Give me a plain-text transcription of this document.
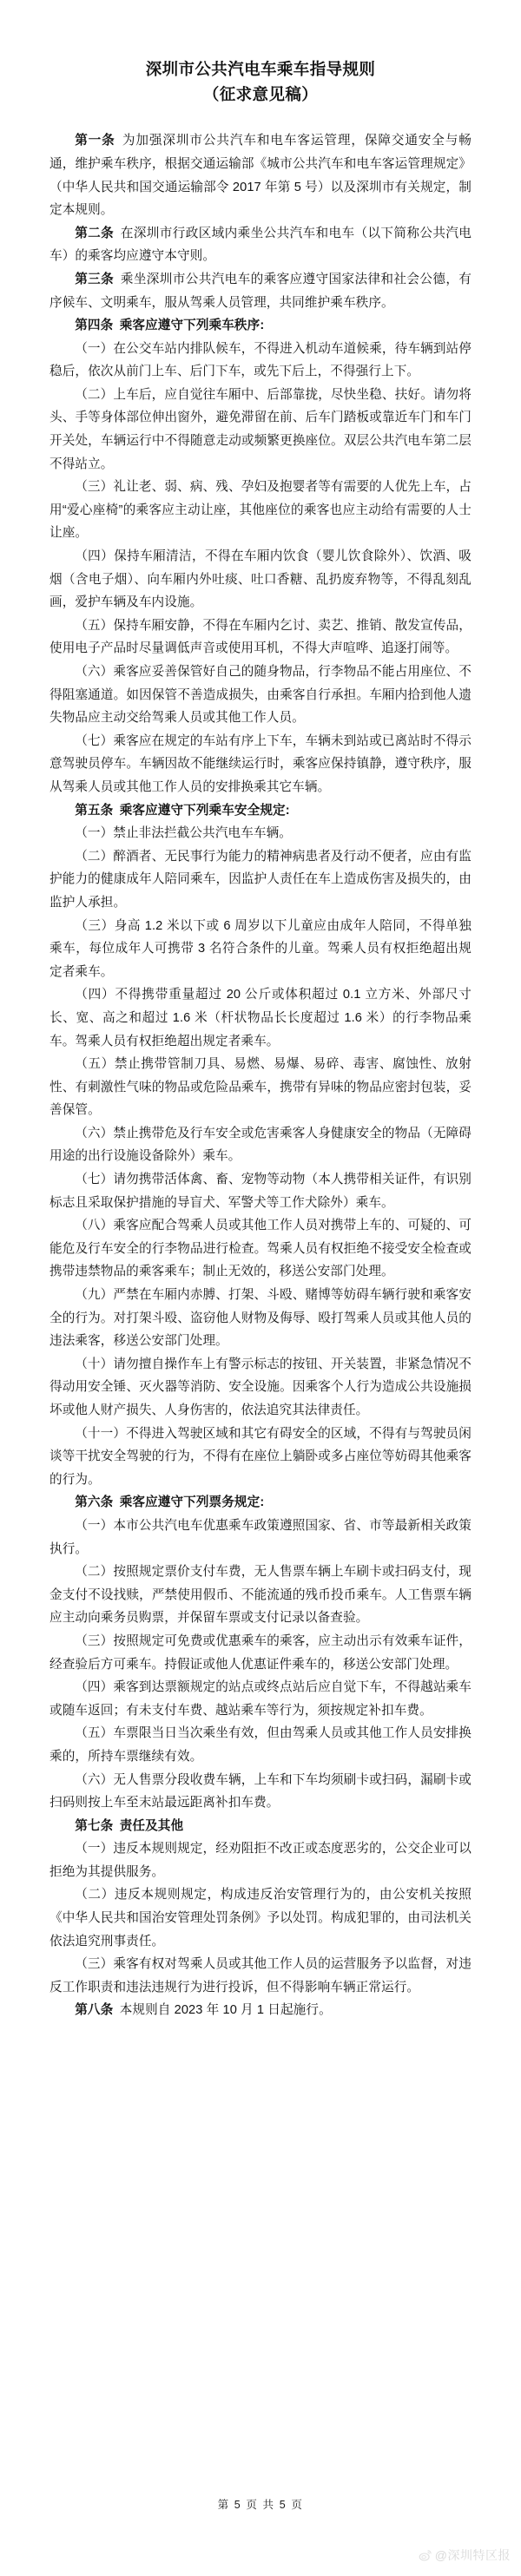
深圳市公共汽电车乘车指导规则
（征求意见稿）

第一条  为加强深圳市公共汽车和电车客运管理，保障交通安全与畅通，维护乘车秩序，根据交通运输部《城市公共汽车和电车客运管理规定》（中华人民共和国交通运输部令 2017 年第 5 号）以及深圳市有关规定，制定本规则。

第二条  在深圳市行政区域内乘坐公共汽车和电车（以下简称公共汽电车）的乘客均应遵守本守则。

第三条  乘坐深圳市公共汽电车的乘客应遵守国家法律和社会公德，有序候车、文明乘车，服从驾乘人员管理，共同维护乘车秩序。

第四条  乘客应遵守下列乘车秩序:

（一）在公交车站内排队候车，不得进入机动车道候乘，待车辆到站停稳后，依次从前门上车、后门下车，或先下后上，不得强行上下。

（二）上车后，应自觉往车厢中、后部靠拢，尽快坐稳、扶好。请勿将头、手等身体部位伸出窗外，避免滞留在前、后车门踏板或靠近车门和车门开关处，车辆运行中不得随意走动或频繁更换座位。双层公共汽电车第二层不得站立。

（三）礼让老、弱、病、残、孕妇及抱婴者等有需要的人优先上车，占用“爱心座椅”的乘客应主动让座，其他座位的乘客也应主动给有需要的人士让座。

（四）保持车厢清洁，不得在车厢内饮食（婴儿饮食除外）、饮酒、吸烟（含电子烟）、向车厢内外吐痰、吐口香糖、乱扔废弃物等，不得乱刻乱画，爱护车辆及车内设施。

（五）保持车厢安静，不得在车厢内乞讨、卖艺、推销、散发宣传品，使用电子产品时尽量调低声音或使用耳机，不得大声喧哗、追逐打闹等。

（六）乘客应妥善保管好自己的随身物品，行李物品不能占用座位、不得阻塞通道。如因保管不善造成损失，由乘客自行承担。车厢内拾到他人遗失物品应主动交给驾乘人员或其他工作人员。

（七）乘客应在规定的车站有序上下车，车辆未到站或已离站时不得示意驾驶员停车。车辆因故不能继续运行时，乘客应保持镇静，遵守秩序，服从驾乘人员或其他工作人员的安排换乘其它车辆。

第五条  乘客应遵守下列乘车安全规定:

（一）禁止非法拦截公共汽电车车辆。

（二）醉酒者、无民事行为能力的精神病患者及行动不便者，应由有监护能力的健康成年人陪同乘车，因监护人责任在车上造成伤害及损失的，由监护人承担。

（三）身高 1.2 米以下或 6 周岁以下儿童应由成年人陪同，不得单独乘车，每位成年人可携带 3 名符合条件的儿童。驾乘人员有权拒绝超出规定者乘车。

（四）不得携带重量超过 20 公斤或体积超过 0.1 立方米、外部尺寸长、宽、高之和超过 1.6 米（杆状物品长长度超过 1.6 米）的行李物品乘车。驾乘人员有权拒绝超出规定者乘车。

（五）禁止携带管制刀具、易燃、易爆、易碎、毒害、腐蚀性、放射性、有刺激性气味的物品或危险品乘车，携带有异味的物品应密封包装，妥善保管。

（六）禁止携带危及行车安全或危害乘客人身健康安全的物品（无障碍用途的出行设施设备除外）乘车。

（七）请勿携带活体禽、畜、宠物等动物（本人携带相关证件，有识别标志且采取保护措施的导盲犬、军警犬等工作犬除外）乘车。

（八）乘客应配合驾乘人员或其他工作人员对携带上车的、可疑的、可能危及行车安全的行李物品进行检查。驾乘人员有权拒绝不接受安全检查或携带违禁物品的乘客乘车；制止无效的，移送公安部门处理。

（九）严禁在车厢内赤膊、打架、斗殴、赌博等妨碍车辆行驶和乘客安全的行为。对打架斗殴、盗窃他人财物及侮辱、殴打驾乘人员或其他人员的违法乘客，移送公安部门处理。

（十）请勿擅自操作车上有警示标志的按钮、开关装置，非紧急情况不得动用安全锤、灭火器等消防、安全设施。因乘客个人行为造成公共设施损坏或他人财产损失、人身伤害的，依法追究其法律责任。

（十一）不得进入驾驶区域和其它有碍安全的区域，不得有与驾驶员闲谈等干扰安全驾驶的行为，不得有在座位上躺卧或多占座位等妨碍其他乘客的行为。

第六条  乘客应遵守下列票务规定:

（一）本市公共汽电车优惠乘车政策遵照国家、省、市等最新相关政策执行。

（二）按照规定票价支付车费，无人售票车辆上车刷卡或扫码支付，现金支付不设找赎，严禁使用假币、不能流通的残币投币乘车。人工售票车辆应主动向乘务员购票，并保留车票或支付记录以备查验。

（三）按照规定可免费或优惠乘车的乘客，应主动出示有效乘车证件，经查验后方可乘车。持假证或他人优惠证件乘车的，移送公安部门处理。

（四）乘客到达票额规定的站点或终点站后应自觉下车，不得越站乘车或随车返回；有未支付车费、越站乘车等行为，须按规定补扣车费。

（五）车票限当日当次乘坐有效，但由驾乘人员或其他工作人员安排换乘的，所持车票继续有效。

（六）无人售票分段收费车辆，上车和下车均须刷卡或扫码，漏刷卡或扫码则按上车至末站最远距离补扣车费。

第七条  责任及其他

（一）违反本规则规定，经劝阻拒不改正或态度恶劣的，公交企业可以拒绝为其提供服务。

（二）违反本规则规定，构成违反治安管理行为的，由公安机关按照《中华人民共和国治安管理处罚条例》予以处罚。构成犯罪的，由司法机关依法追究刑事责任。

（三）乘客有权对驾乘人员或其他工作人员的运营服务予以监督，对违反工作职责和违法违规行为进行投诉，但不得影响车辆正常运行。

第八条  本规则自 2023 年 10 月 1 日起施行。

第 5 页 共 5 页
@深圳特区报
